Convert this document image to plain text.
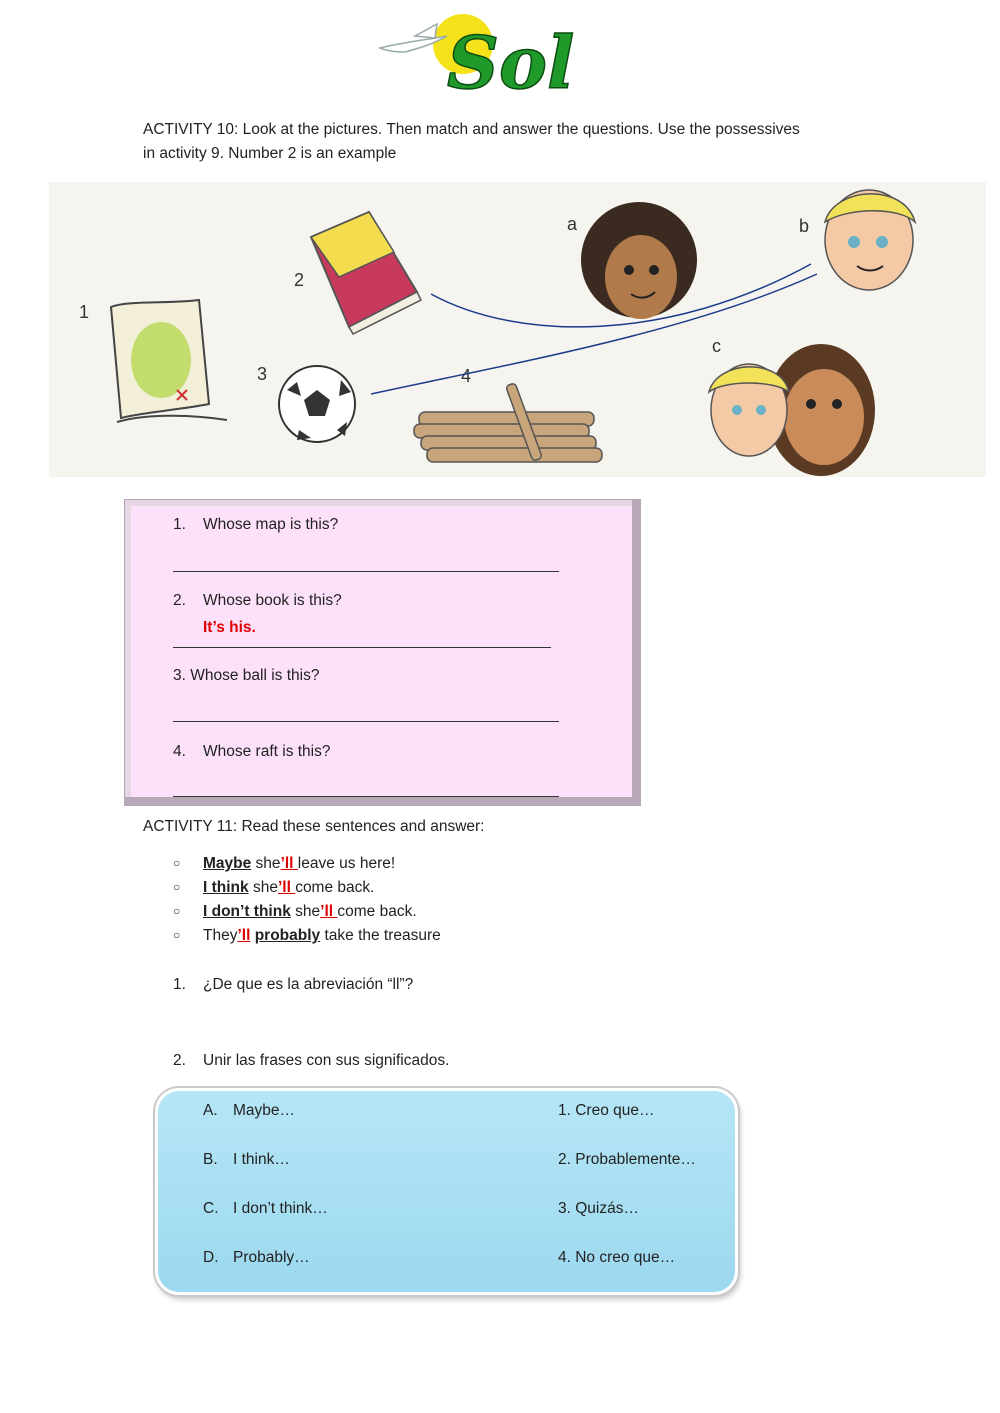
Sol
ACTIVITY 10: Look at the pictures. Then match and answer the questions. Use the possessives
in activity 9. Number 2 is an example
1
2
3	4
a	b
c
1. Whose map is this?
2. Whose book is this?
It’s his.
3. Whose ball is this?
4. Whose raft is this?
ACTIVITY 11: Read these sentences and answer:
○ Maybe she’ll leave us here!
○ I think she’ll come back.
○ I don’t think she’ll come back.
○ They’ll probably take the treasure
1. ¿De que es la abreviación “ll”?
2. Unir las frases con sus significados.
A. Maybe…
B. I think…
C. I don’t think…
D. Probably…
1. Creo que…
2. Probablemente…
3. Quizás…
4. No creo que…
